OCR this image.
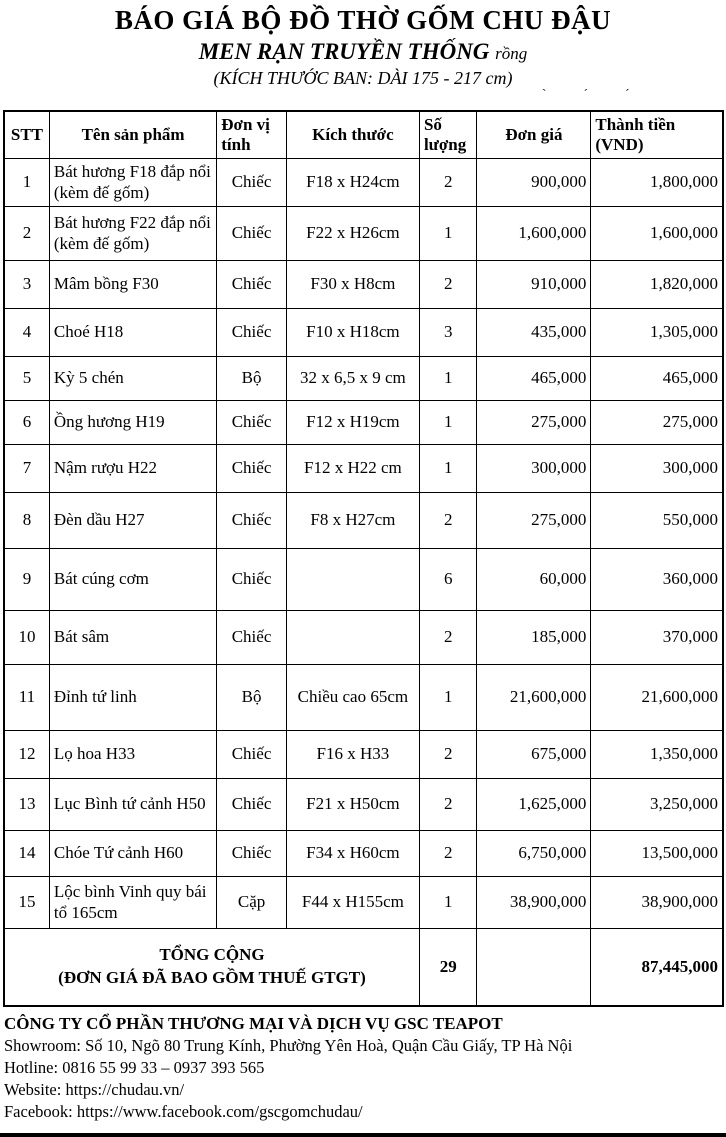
BÁO GIÁ BỘ ĐỒ THỜ GỐM CHU ĐẬU
MEN RẠN TRUYỀN THỐNG rồng
(KÍCH THƯỚC BAN: DÀI 175 - 217 cm)
ˋ ˊ ˊ
STT	Tên sản phẩm	Đơn vị tính	Kích thước	Số lượng	Đơn giá	Thành tiền (VND)
1	Bát hương F18 đắp nổi (kèm đế gốm)	Chiếc	F18 x H24cm	2	900,000	1,800,000
2	Bát hương F22 đắp nổi (kèm đế gốm)	Chiếc	F22 x H26cm	1	1,600,000	1,600,000
3	Mâm bồng F30	Chiếc	F30 x H8cm	2	910,000	1,820,000
4	Choé H18	Chiếc	F10 x H18cm	3	435,000	1,305,000
5	Kỳ 5 chén	Bộ	32 x 6,5 x 9 cm	1	465,000	465,000
6	Ồng hương H19	Chiếc	F12 x H19cm	1	275,000	275,000
7	Nậm rượu H22	Chiếc	F12 x H22 cm	1	300,000	300,000
8	Đèn dầu H27	Chiếc	F8 x H27cm	2	275,000	550,000
9	Bát cúng cơm	Chiếc		6	60,000	360,000
10	Bát sâm	Chiếc		2	185,000	370,000
11	Đỉnh tứ linh	Bộ	Chiều cao 65cm	1	21,600,000	21,600,000
12	Lọ hoa H33	Chiếc	F16 x H33	2	675,000	1,350,000
13	Lục Bình tứ cảnh H50	Chiếc	F21 x H50cm	2	1,625,000	3,250,000
14	Chóe Tứ cảnh H60	Chiếc	F34 x H60cm	2	6,750,000	13,500,000
15	Lộc bình Vinh quy bái tổ 165cm	Cặp	F44 x H155cm	1	38,900,000	38,900,000

TỔNG CỘNG
(ĐƠN GIÁ ĐÃ BAO GỒM THUẾ GTGT)				29		87,445,000
CÔNG TY CỔ PHẦN THƯƠNG MẠI VÀ DỊCH VỤ GSC TEAPOT
Showroom: Số 10, Ngõ 80 Trung Kính, Phường Yên Hoà, Quận Cầu Giấy, TP Hà Nội
Hotline: 0816 55 99 33 – 0937 393 565
Website: https://chudau.vn/
Facebook: https://www.facebook.com/gscgomchudau/
